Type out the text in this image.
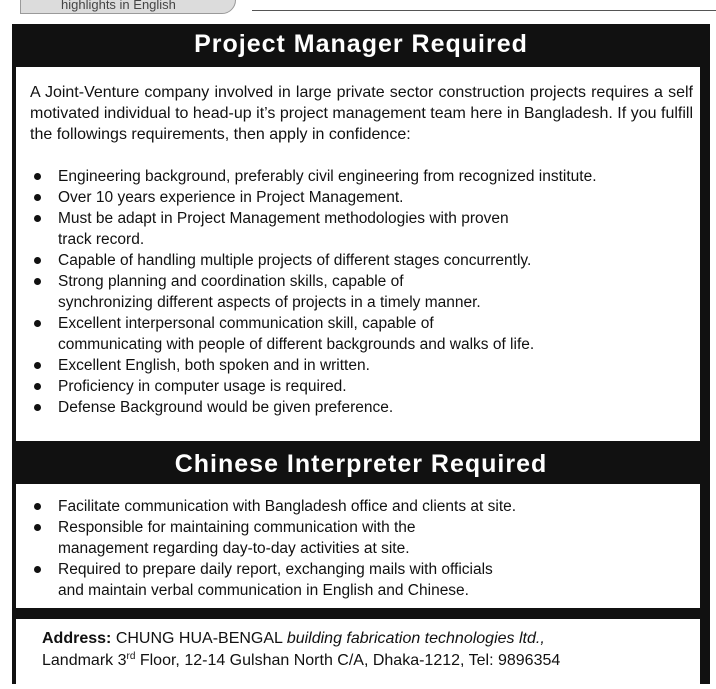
highlights in English
Project Manager Required
A Joint-Venture company involved in large private sector construction projects requires a self motivated individual to head-up it’s project management team here in Bangladesh. If you fulfill the followings requirements, then apply in confidence:
Engineering background, preferably civil engineering from recognized institute.
Over 10 years experience in Project Management.
Must be adapt in Project Management methodologies with proven
track record.
Capable of handling multiple projects of different stages concurrently.
Strong planning and coordination skills, capable of
synchronizing different aspects of projects in a timely manner.
Excellent interpersonal communication skill, capable of
communicating with people of different backgrounds and walks of life.
Excellent English, both spoken and in written.
Proficiency in computer usage is required.
Defense Background would be given preference.
Chinese Interpreter Required
Facilitate communication with Bangladesh office and clients at site.
Responsible for maintaining communication with the
management regarding day-to-day activities at site.
Required to prepare daily report, exchanging mails with officials
and maintain verbal communication in English and Chinese.
Address: CHUNG HUA-BENGAL building fabrication technologies ltd.,
Landmark 3rd Floor, 12-14 Gulshan North C/A, Dhaka-1212, Tel: 9896354
